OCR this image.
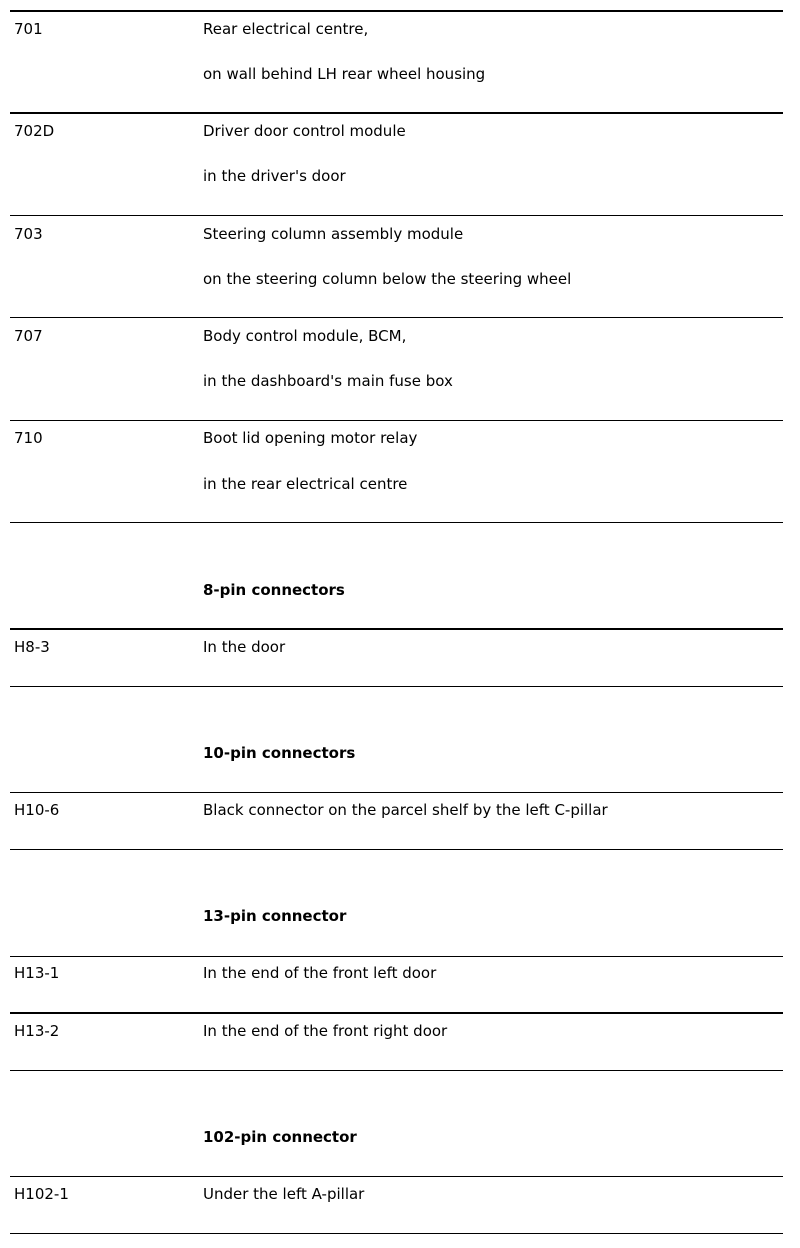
701	Rear electrical centre,
on wall behind LH rear wheel housing
702D	Driver door control module
in the driver's door
703	Steering column assembly module
on the steering column below the steering wheel
707	Body control module, BCM,
in the dashboard's main fuse box
710	Boot lid opening motor relay
in the rear electrical centre
8-pin connectors
H8-3	In the door
10-pin connectors
H10-6	Black connector on the parcel shelf by the left C-pillar
13-pin connector
H13-1	In the end of the front left door
H13-2	In the end of the front right door
102-pin connector
H102-1	Under the left A-pillar
